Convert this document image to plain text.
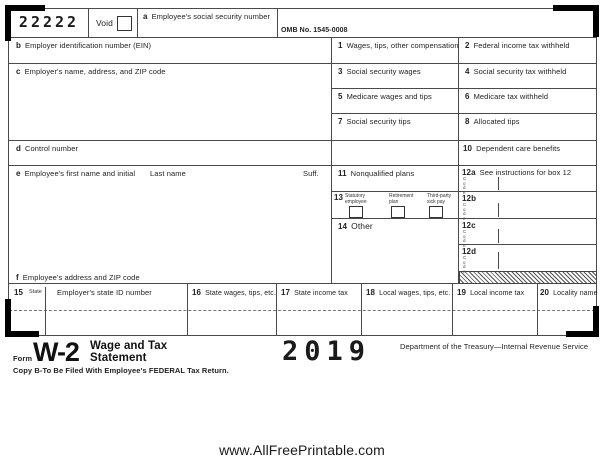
22222	Void
a Employee's social security number
OMB No. 1545-0008
b Employer identification number (EIN)
c Employer's name, address, and ZIP code
d Control number
e Employee's first name and initial Last name	Suff.
f Employee's address and ZIP code
1 Wages, tips, other compensation 2 Federal income tax withheld
3 Social security wages	4 Social security tax withheld
5 Medicare wages and tips	6 Medicare tax withheld
7 Social security tips	8 Allocated tips
10 Dependent care benefits
11 Nonqualified plans	12a See instructions for box 12
C
o
d
e
12b
C
o
d
e
12c
C
o
d
e
12d
C
o
d
e
13 Statutory employee
Retirement plan
Third-party sick pay
14 Other
15	State Employer's state ID number	16 State wages, tips, etc. 17 State income tax 18 Local wages, tips, etc. 19 Local income tax 20 Locality name
Form W-2 Wage and Tax Statement	2019	Department of the Treasury—Internal Revenue Service
Copy B-To Be Filed With Employee's FEDERAL Tax Return.
www.AllFreePrintable.com
